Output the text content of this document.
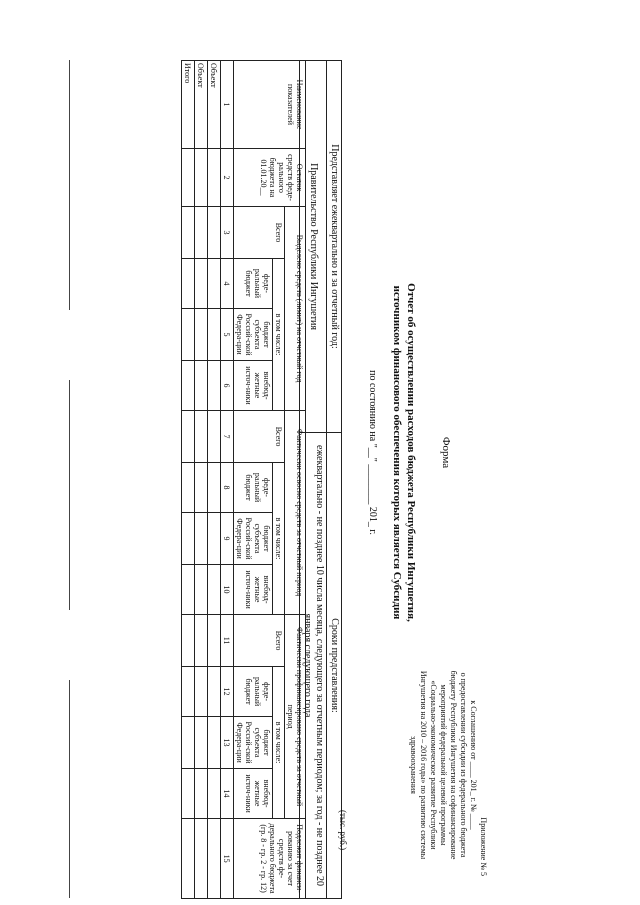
Приложение № 5
к Соглашению от ____ 201_ г. № ____
о предоставлении субсидии из федерального бюджета
бюджету Республики Ингушетия на софинансирование
мероприятий федеральной целевой программы
«Социально-экономическое развитие Республики
Ингушетия на 2010 – 2016 годы» по развитию системы
здравоохранения
Форма
Отчет об осуществлении расходов бюджета Республики Ингушетия,
источником финансового обеспечения которых является Субсидия
по состоянию на "__" ________ 201_ г.
Представляет ежеквартально и за отчетный год:	Сроки представления:
Правительство Республики Ингушетия	ежеквартально - не позднее 10 числа месяца, следующего за отчетным периодом; за год - не позднее 20 января следующего года
(тыс. руб.)
Наименование показателей	Остаток средств феде-рального бюджета на 01.01.20__	Выделено средств (лимит) на отчетный год				Фактически освоено средств за отчетный период				Фактически профинансировано средств за отчетный период				Подлежит финанси-рованию за счет средств фе-дерального бюджета (гр. 8 - гр. 2 - гр. 12)
		Всего	в том числе:			Всего	в том числе:			Всего	в том числе:			
			феде-ральный бюджет	бюджет субъекта Россий-ской Федера-ции	внебюд-жетные источ-ники		феде-ральный бюджет	бюджет субъекта Россий-ской Федера-ции	внебюд-жетные источ-ники		феде-ральный бюджет	бюджет субъекта Россий-ской Федера-ции	внебюд-жетные источ-ники	
1	2	3	4	5	6	7	8	9	10	11	12	13	14	15
Объект														
Объект														
Итого														
